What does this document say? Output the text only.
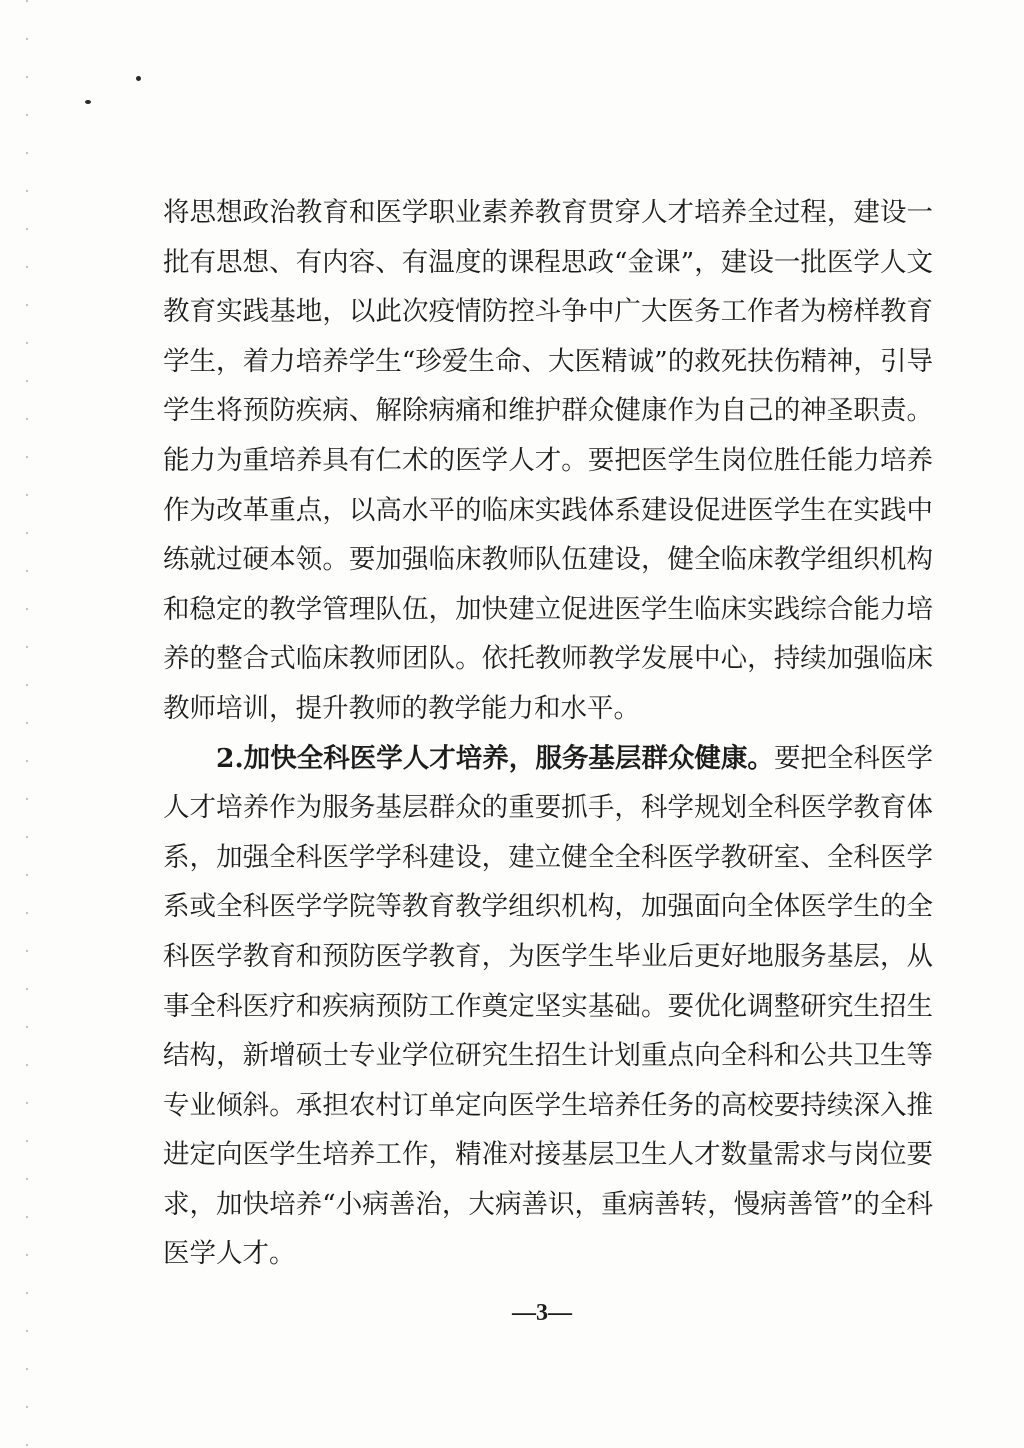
将思想政治教育和医学职业素养教育贯穿人才培养全过程，建设一批有思想、有内容、有温度的课程思政“金课”，建设一批医学人文教育实践基地，以此次疫情防控斗争中广大医务工作者为榜样教育学生，着力培养学生“珍爱生命、大医精诚”的救死扶伤精神，引导学生将预防疾病、解除病痛和维护群众健康作为自己的神圣职责。能力为重培养具有仁术的医学人才。要把医学生岗位胜任能力培养作为改革重点，以高水平的临床实践体系建设促进医学生在实践中练就过硬本领。要加强临床教师队伍建设，健全临床教学组织机构和稳定的教学管理队伍，加快建立促进医学生临床实践综合能力培养的整合式临床教师团队。依托教师教学发展中心，持续加强临床教师培训，提升教师的教学能力和水平。

2.加快全科医学人才培养，服务基层群众健康。要把全科医学人才培养作为服务基层群众的重要抓手，科学规划全科医学教育体系，加强全科医学学科建设，建立健全全科医学教研室、全科医学系或全科医学学院等教育教学组织机构，加强面向全体医学生的全科医学教育和预防医学教育，为医学生毕业后更好地服务基层，从事全科医疗和疾病预防工作奠定坚实基础。要优化调整研究生招生结构，新增硕士专业学位研究生招生计划重点向全科和公共卫生等专业倾斜。承担农村订单定向医学生培养任务的高校要持续深入推进定向医学生培养工作，精准对接基层卫生人才数量需求与岗位要求，加快培养“小病善治，大病善识，重病善转，慢病善管”的全科医学人才。

—3—
